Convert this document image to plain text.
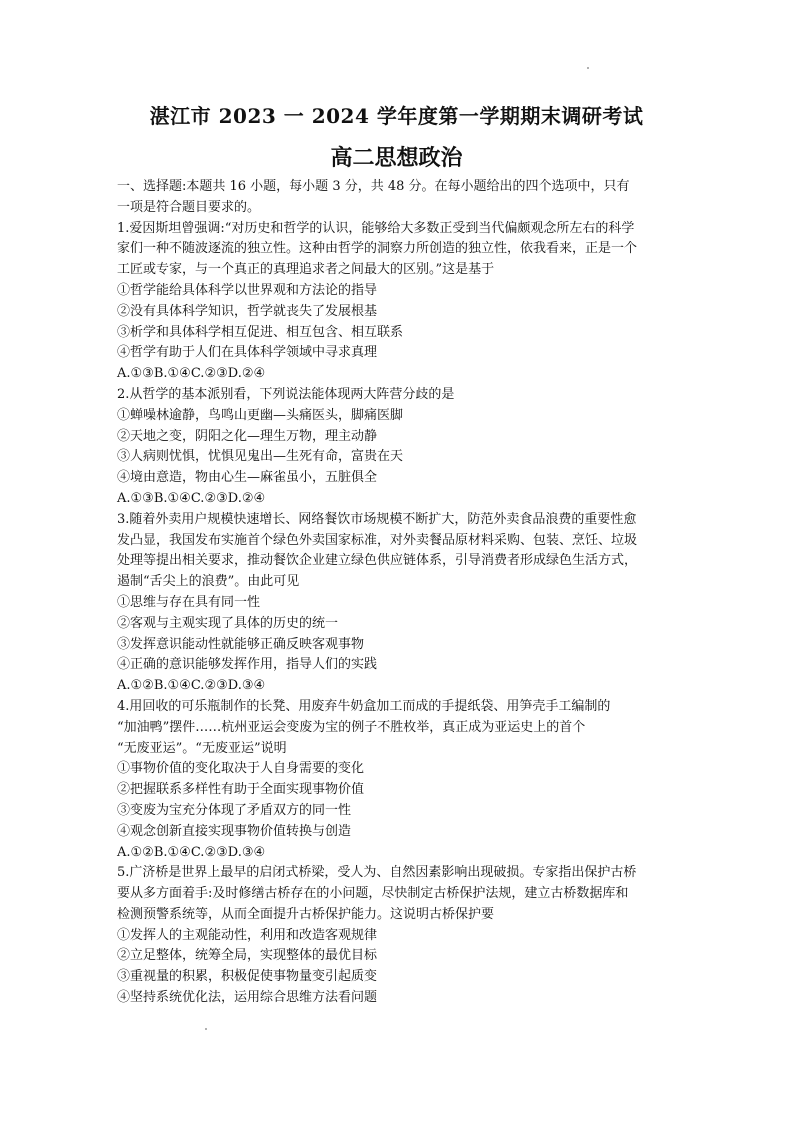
湛江市 2023 一 2024 学年度第一学期期末调研考试
高二思想政治
一、选择题:本题共 16 小题，每小题 3 分，共 48 分。在每小题给出的四个选项中，只有
一项是符合题目要求的。
1.爱因斯坦曾强调:“对历史和哲学的认识，能够给大多数正受到当代偏颇观念所左右的科学
家们一种不随波逐流的独立性。这种由哲学的洞察力所创造的独立性，依我看来，正是一个
工匠或专家，与一个真正的真理追求者之间最大的区别。”这是基于
①哲学能给具体科学以世界观和方法论的指导
②没有具体科学知识，哲学就丧失了发展根基
③析学和具体科学相互促进、相互包含、相互联系
④哲学有助于人们在具体科学领域中寻求真理
A.①③B.①④C.②③D.②④
2.从哲学的基本派别看，下列说法能体现两大阵营分歧的是
①蝉噪林逾静，鸟鸣山更幽—头痛医头，脚痛医脚
②天地之变，阴阳之化—理生万物，理主动静
③人病则忧惧，忧惧见鬼出—生死有命，富贵在天
④境由意造，物由心生—麻雀虽小，五脏俱全
A.①③B.①④C.②③D.②④
3.随着外卖用户规模快速增长、网络餐饮市场规模不断扩大，防范外卖食品浪费的重要性愈
发凸显，我国发布实施首个绿色外卖国家标准，对外卖餐品原材料采购、包装、烹饪、垃圾
处理等提出相关要求，推动餐饮企业建立绿色供应链体系，引导消费者形成绿色生活方式，
遏制“舌尖上的浪费”。由此可见
①思维与存在具有同一性
②客观与主观实现了具体的历史的统一
③发挥意识能动性就能够正确反映客观事物
④正确的意识能够发挥作用，指导人们的实践
A.①②B.①④C.②③D.③④
4.用回收的可乐瓶制作的长凳、用废弃牛奶盒加工而成的手提纸袋、用笋壳手工编制的
“加油鸭”摆件……杭州亚运会变废为宝的例子不胜枚举，真正成为亚运史上的首个
“无废亚运”。“无废亚运”说明
①事物价值的变化取决于人自身需要的变化
②把握联系多样性有助于全面实现事物价值
③变废为宝充分体现了矛盾双方的同一性
④观念创新直接实现事物价值转换与创造
A.①②B.①④C.②③D.③④
5.广济桥是世界上最早的启闭式桥梁，受人为、自然因素影响出现破损。专家指出保护古桥
要从多方面着手:及时修缮古桥存在的小问题，尽快制定古桥保护法规，建立古桥数据库和
检测预警系统等，从而全面提升古桥保护能力。这说明古桥保护要
①发挥人的主观能动性，利用和改造客观规律
②立足整体，统筹全局，实现整体的最优目标
③重视量的积累，积极促使事物量变引起质变
④坚持系统优化法，运用综合思维方法看问题
